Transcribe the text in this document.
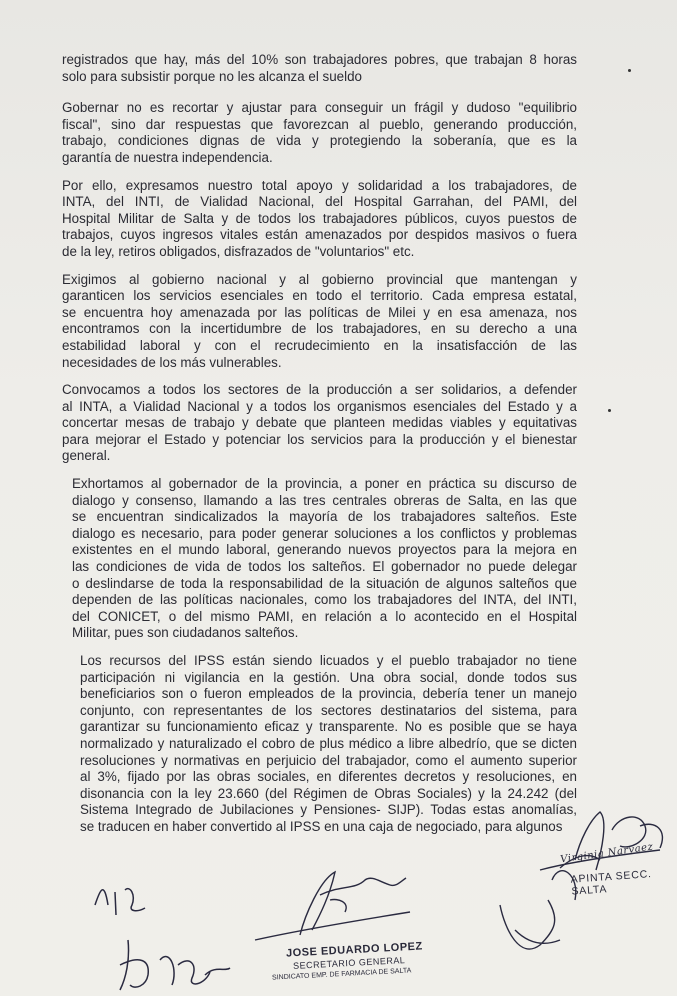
registrados que hay, más del 10% son trabajadores pobres, que trabajan 8 horas
solo para subsistir porque no les alcanza el sueldo

Gobernar no es recortar y ajustar para conseguir un frágil y dudoso "equilibrio
fiscal", sino dar respuestas que favorezcan al pueblo, generando producción,
trabajo, condiciones dignas de vida y protegiendo la soberanía, que es la
garantía de nuestra independencia.

Por ello, expresamos nuestro total apoyo y solidaridad a los trabajadores, de
INTA, del INTI, de Vialidad Nacional, del Hospital Garrahan, del PAMI, del
Hospital Militar de Salta y de todos los trabajadores públicos, cuyos puestos de
trabajos, cuyos ingresos vitales están amenazados por despidos masivos o fuera
de la ley, retiros obligados, disfrazados de "voluntarios" etc.

Exigimos al gobierno nacional y al gobierno provincial que mantengan y
garanticen los servicios esenciales en todo el territorio. Cada empresa estatal,
se encuentra hoy amenazada por las políticas de Milei y en esa amenaza, nos
encontramos con la incertidumbre de los trabajadores, en su derecho a una
estabilidad laboral y con el recrudecimiento en la insatisfacción de las
necesidades de los más vulnerables.

Convocamos a todos los sectores de la producción a ser solidarios, a defender
al INTA, a Vialidad Nacional y a todos los organismos esenciales del Estado y a
concertar mesas de trabajo y debate que planteen medidas viables y equitativas
para mejorar el Estado y potenciar los servicios para la producción y el bienestar
general.

Exhortamos al gobernador de la provincia, a poner en práctica su discurso de
dialogo y consenso, llamando a las tres centrales obreras de Salta, en las que
se encuentran sindicalizados la mayoría de los trabajadores salteños. Este
dialogo es necesario, para poder generar soluciones a los conflictos y problemas
existentes en el mundo laboral, generando nuevos proyectos para la mejora en
las condiciones de vida de todos los salteños. El gobernador no puede delegar
o deslindarse de toda la responsabilidad de la situación de algunos salteños que
dependen de las políticas nacionales, como los trabajadores del INTA, del INTI,
del CONICET, o del mismo PAMI, en relación a lo acontecido en el Hospital
Militar, pues son ciudadanos salteños.

Los recursos del IPSS están siendo licuados y el pueblo trabajador no tiene
participación ni vigilancia en la gestión. Una obra social, donde todos sus
beneficiarios son o fueron empleados de la provincia, debería tener un manejo
conjunto, con representantes de los sectores destinatarios del sistema, para
garantizar su funcionamiento eficaz y transparente. No es posible que se haya
normalizado y naturalizado el cobro de plus médico a libre albedrío, que se dicten
resoluciones y normativas en perjuicio del trabajador, como el aumento superior
al 3%, fijado por las obras sociales, en diferentes decretos y resoluciones, en
disonancia con la ley 23.660 (del Régimen de Obras Sociales) y la 24.242 (del
Sistema Integrado de Jubilaciones y Pensiones- SIJP). Todas estas anomalías,
se traducen en haber convertido al IPSS en una caja de negociado, para algunos

JOSE EDUARDO LOPEZ
SECRETARIO GENERAL
SINDICATO EMP. DE FARMACIA DE SALTA
Virginia Narvaez
APINTA SECC. SALTA
